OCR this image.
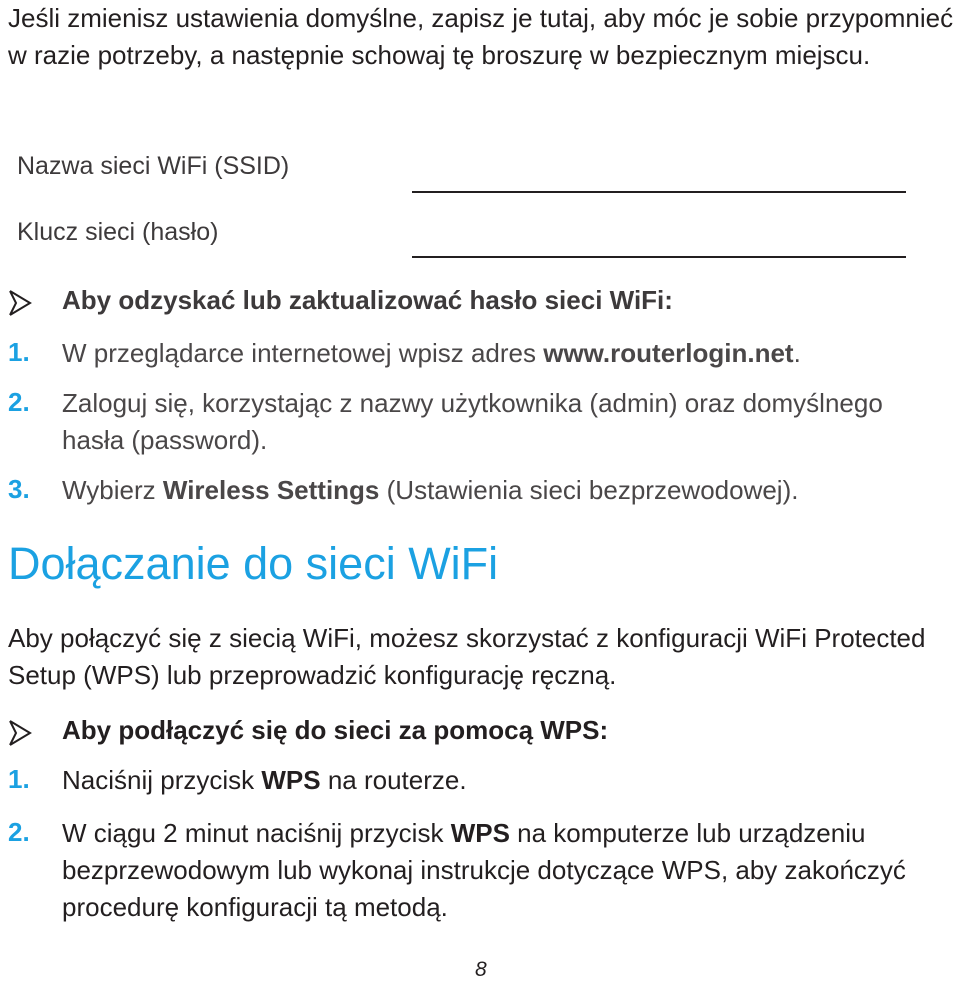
Jeśli zmienisz ustawienia domyślne, zapisz je tutaj, aby móc je sobie przypomnieć w razie potrzeby, a następnie schowaj tę broszurę w bezpiecznym miejscu.

Nazwa sieci WiFi (SSID)
Klucz sieci (hasło)
Aby odzyskać lub zaktualizować hasło sieci WiFi:
1. W przeglądarce internetowej wpisz adres www.routerlogin.net.
2. Zaloguj się, korzystając z nazwy użytkownika (admin) oraz domyślnego hasła (password).
3. Wybierz Wireless Settings (Ustawienia sieci bezprzewodowej).
Dołączanie do sieci WiFi

Aby połączyć się z siecią WiFi, możesz skorzystać z konfiguracji WiFi Protected Setup (WPS) lub przeprowadzić konfigurację ręczną.

Aby podłączyć się do sieci za pomocą WPS:
1. Naciśnij przycisk WPS na routerze.
2. W ciągu 2 minut naciśnij przycisk WPS na komputerze lub urządzeniu bezprzewodowym lub wykonaj instrukcje dotyczące WPS, aby zakończyć procedurę konfiguracji tą metodą.
8
